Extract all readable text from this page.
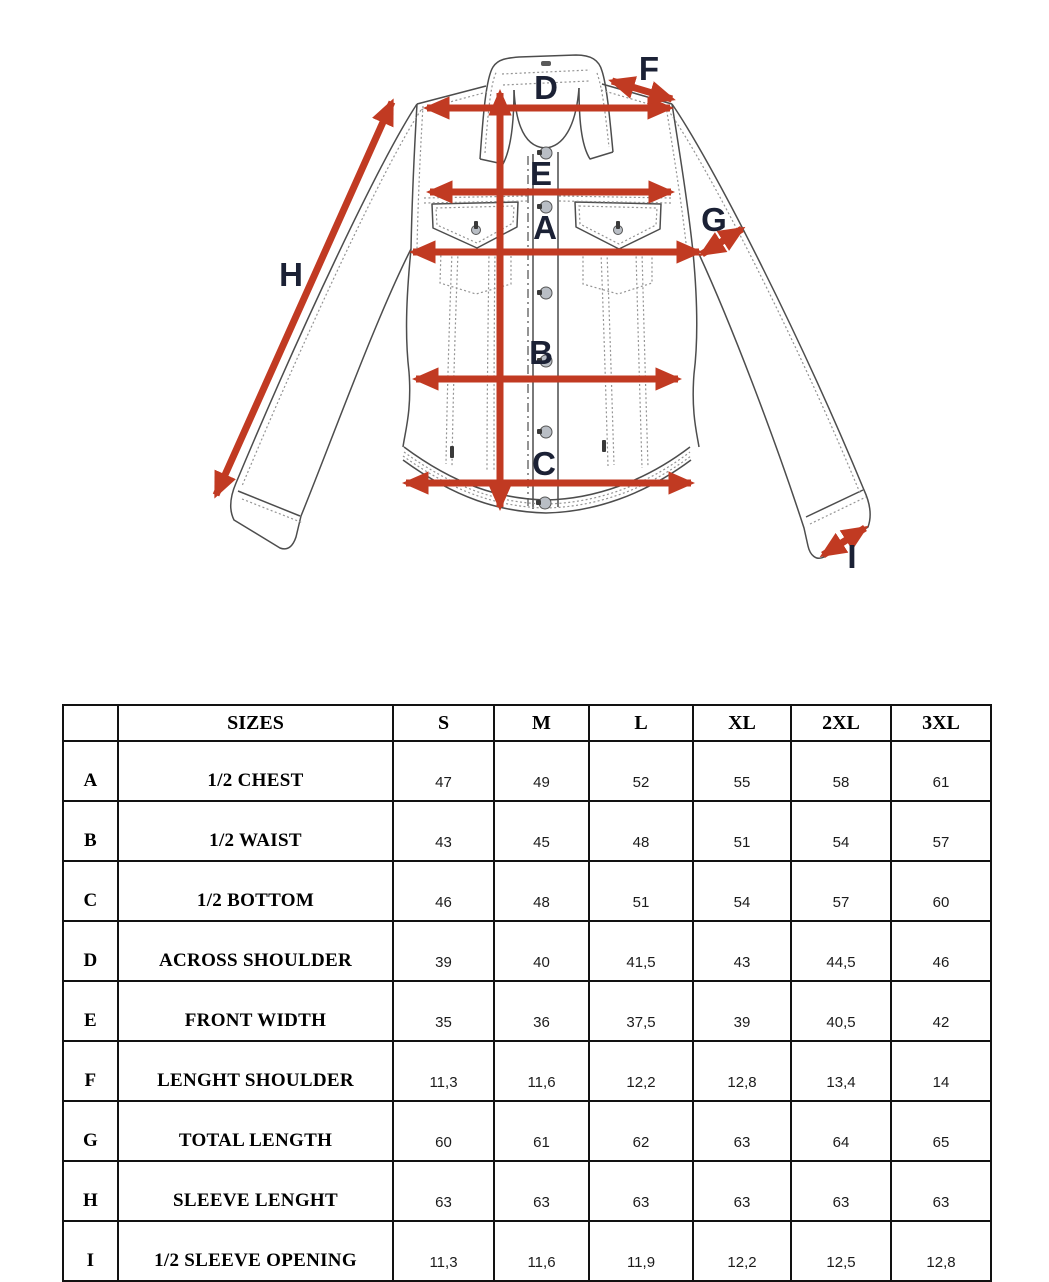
D
F
E
A	G
H
B
C
I
	SIZES	S	M	L	XL	2XL	3XL
A	1/2 CHEST	47	49	52	55	58	61
B	1/2 WAIST	43	45	48	51	54	57
C	1/2 BOTTOM	46	48	51	54	57	60
D	ACROSS SHOULDER	39	40	41,5	43	44,5	46
E	FRONT WIDTH	35	36	37,5	39	40,5	42
F	LENGHT SHOULDER	11,3	11,6	12,2	12,8	13,4	14
G	TOTAL LENGTH	60	61	62	63	64	65
H	SLEEVE LENGHT	63	63	63	63	63	63
I	1/2 SLEEVE OPENING	11,3	11,6	11,9	12,2	12,5	12,8
